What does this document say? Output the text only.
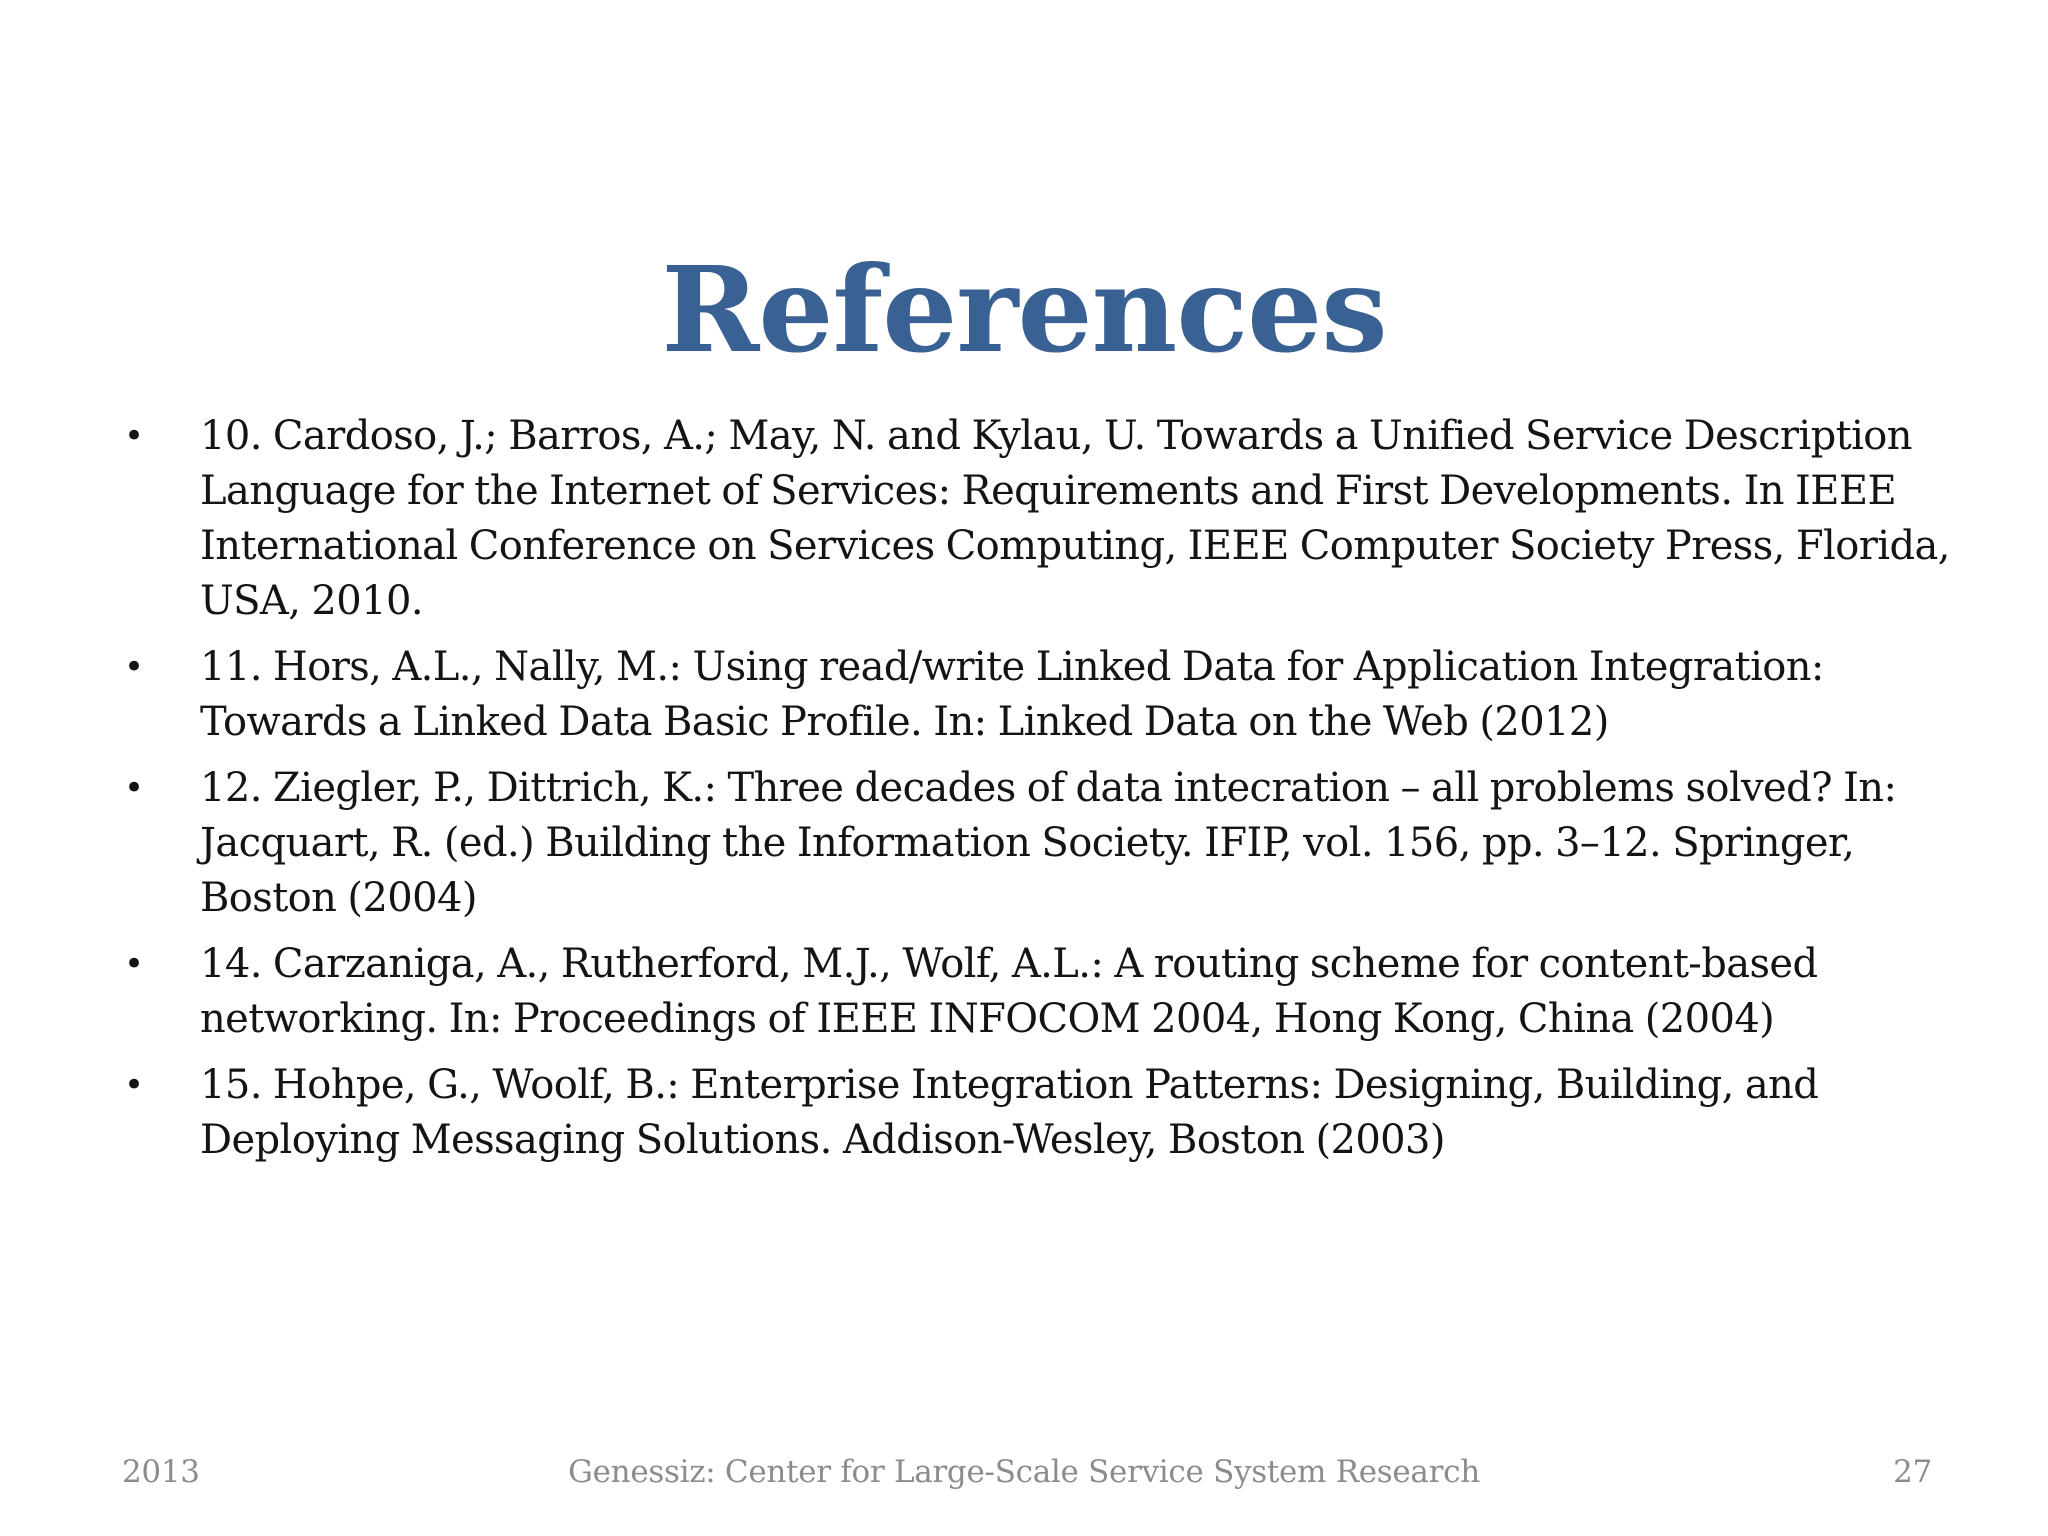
References
• 10. Cardoso, J.; Barros, A.; May, N. and Kylau, U. Towards a Unified Service Description Language for the Internet of Services: Requirements and First Developments. In IEEE International Conference on Services Computing, IEEE Computer Society Press, Florida, USA, 2010.
• 11. Hors, A.L., Nally, M.: Using read/write Linked Data for Application Integration: Towards a Linked Data Basic Profile. In: Linked Data on the Web (2012)
• 12. Ziegler, P., Dittrich, K.: Three decades of data intecration – all problems solved? In: Jacquart, R. (ed.) Building the Information Society. IFIP, vol. 156, pp. 3–12. Springer, Boston (2004)
• 14. Carzaniga, A., Rutherford, M.J., Wolf, A.L.: A routing scheme for content-based networking. In: Proceedings of IEEE INFOCOM 2004, Hong Kong, China (2004)
• 15. Hohpe, G., Woolf, B.: Enterprise Integration Patterns: Designing, Building, and Deploying Messaging Solutions. Addison-Wesley, Boston (2003)
2013	Genessiz: Center for Large-Scale Service System Research	27
